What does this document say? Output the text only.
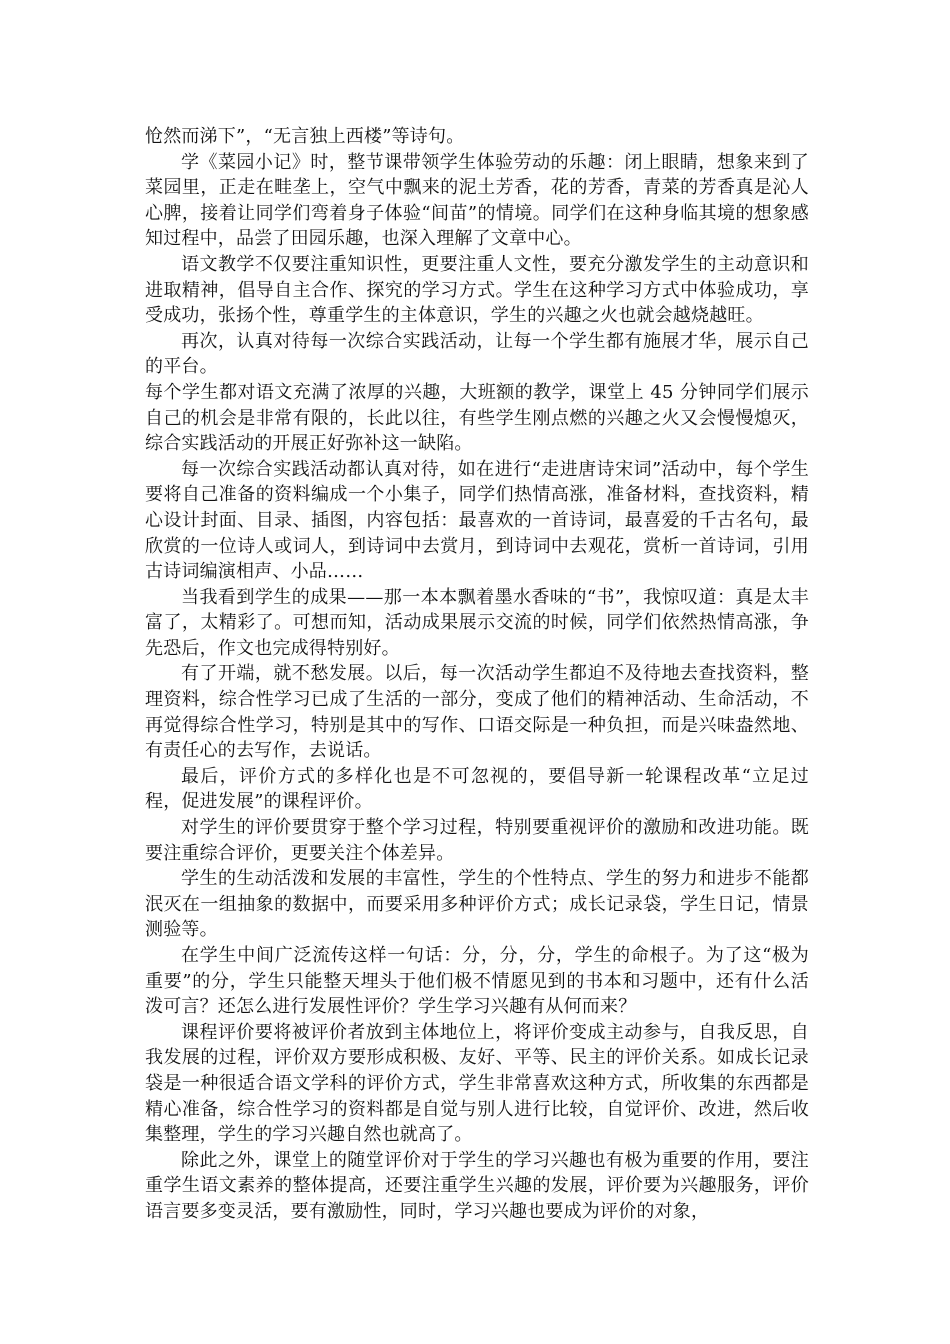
怆然而涕下”，“无言独上西楼”等诗句。

学《菜园小记》时，整节课带领学生体验劳动的乐趣：闭上眼睛，想象来到了菜园里，正走在畦垄上，空气中飘来的泥土芳香，花的芳香，青菜的芳香真是沁人心脾，接着让同学们弯着身子体验“间苗”的情境。同学们在这种身临其境的想象感知过程中，品尝了田园乐趣，也深入理解了文章中心。

语文教学不仅要注重知识性，更要注重人文性，要充分激发学生的主动意识和进取精神，倡导自主合作、探究的学习方式。学生在这种学习方式中体验成功，享受成功，张扬个性，尊重学生的主体意识，学生的兴趣之火也就会越烧越旺。

再次，认真对待每一次综合实践活动，让每一个学生都有施展才华，展示自己的平台。

每个学生都对语文充满了浓厚的兴趣，大班额的教学，课堂上 45 分钟同学们展示自己的机会是非常有限的，长此以往，有些学生刚点燃的兴趣之火又会慢慢熄灭，综合实践活动的开展正好弥补这一缺陷。

每一次综合实践活动都认真对待，如在进行“走进唐诗宋词”活动中，每个学生要将自己准备的资料编成一个小集子，同学们热情高涨，准备材料，查找资料，精心设计封面、目录、插图，内容包括：最喜欢的一首诗词，最喜爱的千古名句，最欣赏的一位诗人或词人，到诗词中去赏月，到诗词中去观花，赏析一首诗词，引用古诗词编演相声、小品……

当我看到学生的成果——那一本本飘着墨水香味的“书”，我惊叹道：真是太丰富了，太精彩了。可想而知，活动成果展示交流的时候，同学们依然热情高涨，争先恐后，作文也完成得特别好。

有了开端，就不愁发展。以后，每一次活动学生都迫不及待地去查找资料，整理资料，综合性学习已成了生活的一部分，变成了他们的精神活动、生命活动，不再觉得综合性学习，特别是其中的写作、口语交际是一种负担，而是兴味盎然地、有责任心的去写作，去说话。

最后，评价方式的多样化也是不可忽视的，要倡导新一轮课程改革“立足过程，促进发展”的课程评价。

对学生的评价要贯穿于整个学习过程，特别要重视评价的激励和改进功能。既要注重综合评价，更要关注个体差异。

学生的生动活泼和发展的丰富性，学生的个性特点、学生的努力和进步不能都泯灭在一组抽象的数据中，而要采用多种评价方式；成长记录袋，学生日记，情景测验等。

在学生中间广泛流传这样一句话：分，分，分，学生的命根子。为了这“极为重要”的分，学生只能整天埋头于他们极不情愿见到的书本和习题中，还有什么活泼可言？还怎么进行发展性评价？学生学习兴趣有从何而来？

课程评价要将被评价者放到主体地位上，将评价变成主动参与，自我反思，自我发展的过程，评价双方要形成积极、友好、平等、民主的评价关系。如成长记录袋是一种很适合语文学科的评价方式，学生非常喜欢这种方式，所收集的东西都是精心准备，综合性学习的资料都是自觉与别人进行比较，自觉评价、改进，然后收集整理，学生的学习兴趣自然也就高了。

除此之外，课堂上的随堂评价对于学生的学习兴趣也有极为重要的作用，要注重学生语文素养的整体提高，还要注重学生兴趣的发展，评价要为兴趣服务，评价语言要多变灵活，要有激励性，同时，学习兴趣也要成为评价的对象，
